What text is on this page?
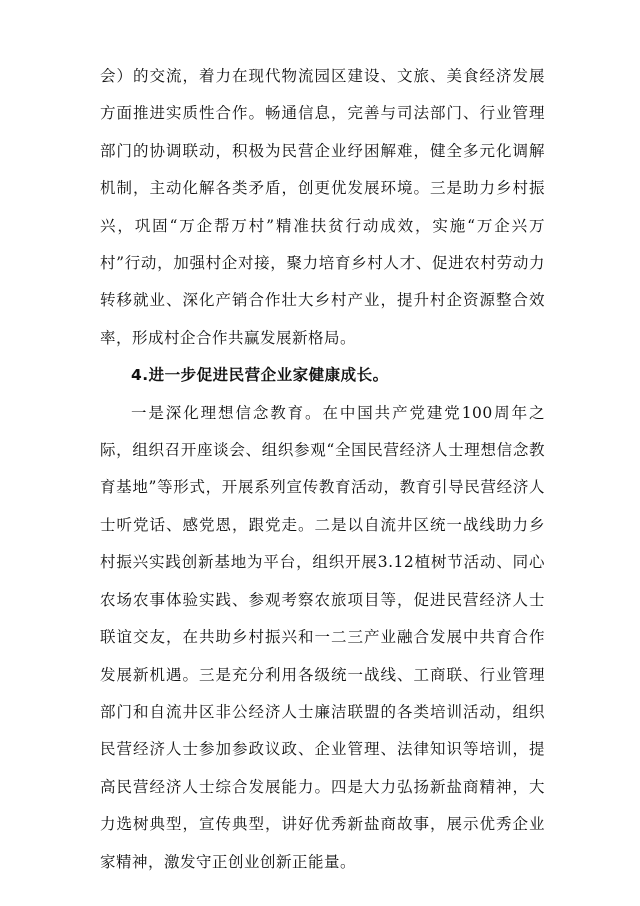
会）的交流，着力在现代物流园区建设、文旅、美食经济发展方面推进实质性合作。畅通信息，完善与司法部门、行业管理部门的协调联动，积极为民营企业纾困解难，健全多元化调解机制，主动化解各类矛盾，创更优发展环境。三是助力乡村振兴，巩固“万企帮万村”精准扶贫行动成效，实施“万企兴万村”行动，加强村企对接，聚力培育乡村人才、促进农村劳动力转移就业、深化产销合作壮大乡村产业，提升村企资源整合效率，形成村企合作共赢发展新格局。

4.进一步促进民营企业家健康成长。

一是深化理想信念教育。在中国共产党建党100周年之际，组织召开座谈会、组织参观“全国民营经济人士理想信念教育基地”等形式，开展系列宣传教育活动，教育引导民营经济人士听党话、感党恩，跟党走。二是以自流井区统一战线助力乡村振兴实践创新基地为平台，组织开展3.12植树节活动、同心农场农事体验实践、参观考察农旅项目等，促进民营经济人士联谊交友，在共助乡村振兴和一二三产业融合发展中共育合作发展新机遇。三是充分利用各级统一战线、工商联、行业管理部门和自流井区非公经济人士廉洁联盟的各类培训活动，组织民营经济人士参加参政议政、企业管理、法律知识等培训，提高民营经济人士综合发展能力。四是大力弘扬新盐商精神，大力选树典型，宣传典型，讲好优秀新盐商故事，展示优秀企业家精神，激发守正创业创新正能量。
